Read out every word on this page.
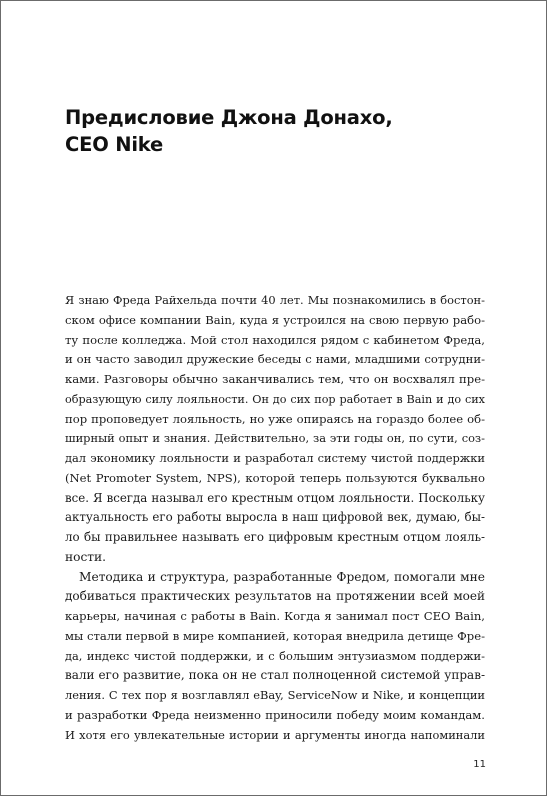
Предисловие Джона Донахо,
CEO Nike

Я знаю Фреда Райхельда почти 40 лет. Мы познакомились в бостон-
ском офисе компании Bain, куда я устроился на свою первую рабо-
ту после колледжа. Мой стол находился рядом с кабинетом Фреда,
и он часто заводил дружеские беседы с нами, младшими сотрудни-
ками. Разговоры обычно заканчивались тем, что он восхвалял пре-
образующую силу лояльности. Он до сих пор работает в Bain и до сих
пор проповедует лояльность, но уже опираясь на гораздо более об-
ширный опыт и знания. Действительно, за эти годы он, по сути, соз-
дал экономику лояльности и разработал систему чистой поддержки
(Net Promoter System, NPS), которой теперь пользуются буквально
все. Я всегда называл его крестным отцом лояльности. Поскольку
актуальность его работы выросла в наш цифровой век, думаю, бы-
ло бы правильнее называть его цифровым крестным отцом лояль-
ности.

Методика и структура, разработанные Фредом, помогали мне
добиваться практических результатов на протяжении всей моей
карьеры, начиная с работы в Bain. Когда я занимал пост CEO Bain,
мы стали первой в мире компанией, которая внедрила детище Фре-
да, индекс чистой поддержки, и с большим энтузиазмом поддержи-
вали его развитие, пока он не стал полноценной системой управ-
ления. С тех пор я возглавлял eBay, ServiceNow и Nike, и концепции
и разработки Фреда неизменно приносили победу моим командам.
И хотя его увлекательные истории и аргументы иногда напоминали

11
